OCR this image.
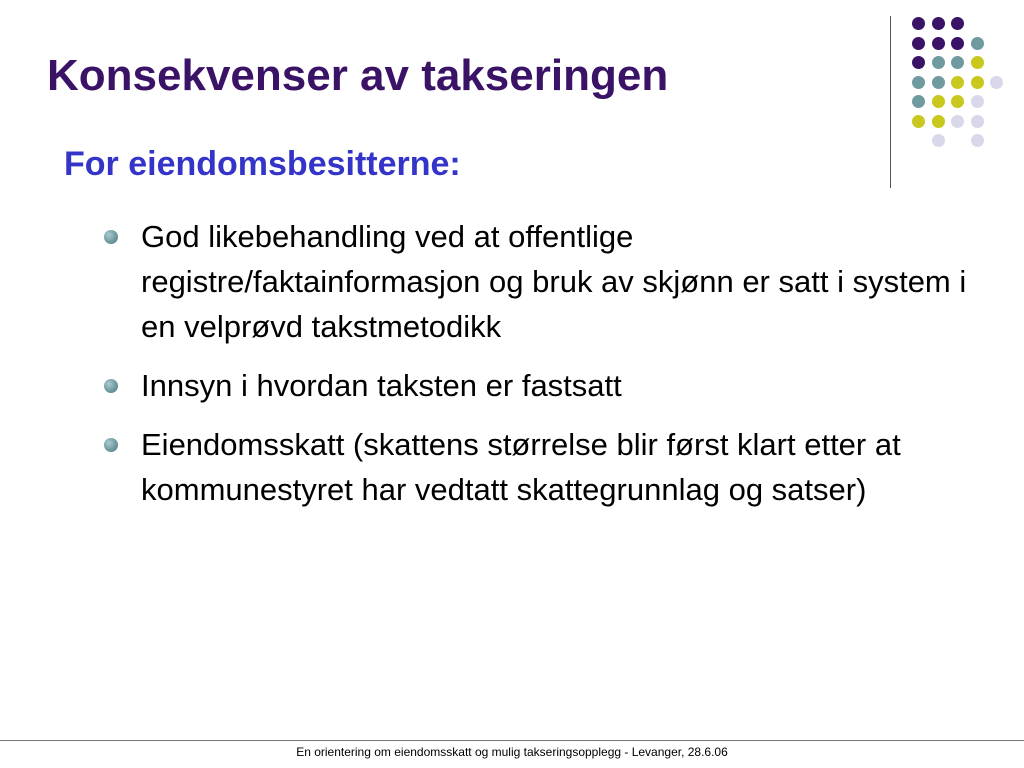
Konsekvenser av takseringen
For eiendomsbesitterne:
God likebehandling ved at offentlige registre/faktainformasjon og bruk av skjønn er satt i system i en velprøvd takstmetodikk
Innsyn i hvordan taksten er fastsatt
Eiendomsskatt (skattens størrelse blir først klart etter at kommunestyret har vedtatt skattegrunnlag og satser)
En orientering om eiendomsskatt og mulig takseringsopplegg - Levanger, 28.6.06
